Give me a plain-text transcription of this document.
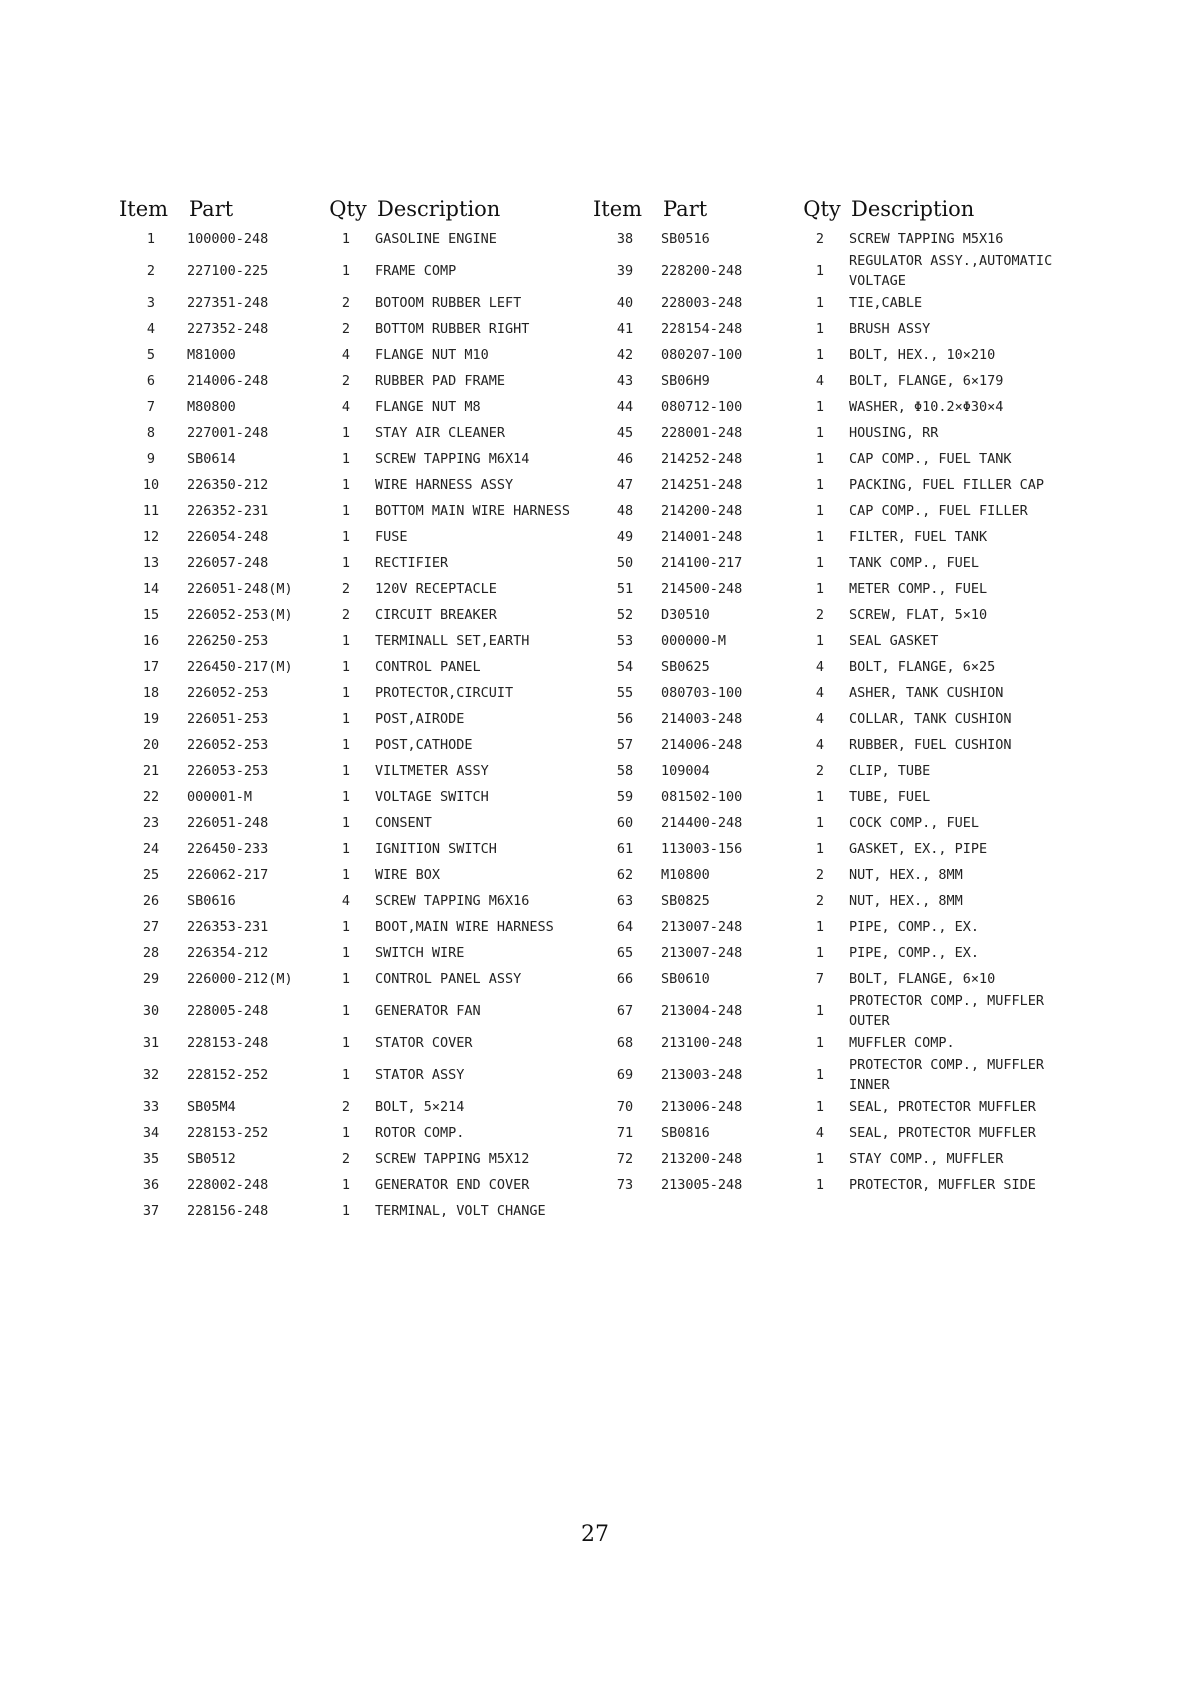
Item Part	Qty Description
1	100000-248	1	GASOLINE ENGINE
2	227100-225	1	FRAME COMP
3	227351-248	2	BOTOOM RUBBER LEFT
4	227352-248	2	BOTTOM RUBBER RIGHT
5	M81000	4	FLANGE NUT M10
6	214006-248	2	RUBBER PAD FRAME
7	M80800	4	FLANGE NUT M8
8	227001-248	1	STAY AIR CLEANER
9	SB0614	1	SCREW TAPPING M6X14
10	226350-212	1	WIRE HARNESS ASSY
11	226352-231	1	BOTTOM MAIN WIRE HARNESS
12	226054-248	1	FUSE
13	226057-248	1	RECTIFIER
14	226051-248(M)	2	120V RECEPTACLE
15	226052-253(M)	2	CIRCUIT BREAKER
16	226250-253	1	TERMINALL SET,EARTH
17	226450-217(M)	1	CONTROL PANEL
18	226052-253	1	PROTECTOR,CIRCUIT
19	226051-253	1	POST,AIRODE
20	226052-253	1	POST,CATHODE
21	226053-253	1	VILTMETER ASSY
22	000001-M	1	VOLTAGE SWITCH
23	226051-248	1	CONSENT
24	226450-233	1	IGNITION SWITCH
25	226062-217	1	WIRE BOX
26	SB0616	4	SCREW TAPPING M6X16
27	226353-231	1	BOOT,MAIN WIRE HARNESS
28	226354-212	1	SWITCH WIRE
29	226000-212(M)	1	CONTROL PANEL ASSY
30	228005-248	1	GENERATOR FAN
31	228153-248	1	STATOR COVER
32	228152-252	1	STATOR ASSY
33	SB05M4	2	BOLT, 5×214
34	228153-252	1	ROTOR COMP.
35	SB0512	2	SCREW TAPPING M5X12
36	228002-248	1	GENERATOR END COVER
37	228156-248	1	TERMINAL, VOLT CHANGE
Item Part	Qty Description
38	SB0516	2	SCREW TAPPING M5X16
39	228200-248	1
REGULATOR ASSY.,AUTOMATIC VOLTAGE
40	228003-248	1	TIE,CABLE
41	228154-248	1	BRUSH ASSY
42	080207-100	1	BOLT, HEX., 10×210
43	SB06H9	4	BOLT, FLANGE, 6×179
44	080712-100	1	WASHER, Φ10.2×Φ30×4
45	228001-248	1	HOUSING, RR
46	214252-248	1	CAP COMP., FUEL TANK
47	214251-248	1	PACKING, FUEL FILLER CAP
48	214200-248	1	CAP COMP., FUEL FILLER
49	214001-248	1	FILTER, FUEL TANK
50	214100-217	1	TANK COMP., FUEL
51	214500-248	1	METER COMP., FUEL
52	D30510	2	SCREW, FLAT, 5×10
53	000000-M	1	SEAL GASKET
54	SB0625	4	BOLT, FLANGE, 6×25
55	080703-100	4	ASHER, TANK CUSHION
56	214003-248	4	COLLAR, TANK CUSHION
57	214006-248	4	RUBBER, FUEL CUSHION
58	109004	2	CLIP, TUBE
59	081502-100	1	TUBE, FUEL
60	214400-248	1	COCK COMP., FUEL
61	113003-156	1	GASKET, EX., PIPE
62	M10800	2	NUT, HEX., 8MM
63	SB0825	2	NUT, HEX., 8MM
64	213007-248	1	PIPE, COMP., EX.
65	213007-248	1	PIPE, COMP., EX.
66	SB0610	7	BOLT, FLANGE, 6×10
67	213004-248	1
PROTECTOR COMP., MUFFLER OUTER
68	213100-248	1	MUFFLER COMP.
69	213003-248	1
PROTECTOR COMP., MUFFLER INNER
70	213006-248	1	SEAL, PROTECTOR MUFFLER
71	SB0816	4	SEAL, PROTECTOR MUFFLER
72	213200-248	1	STAY COMP., MUFFLER
73	213005-248	1	PROTECTOR, MUFFLER SIDE
27
